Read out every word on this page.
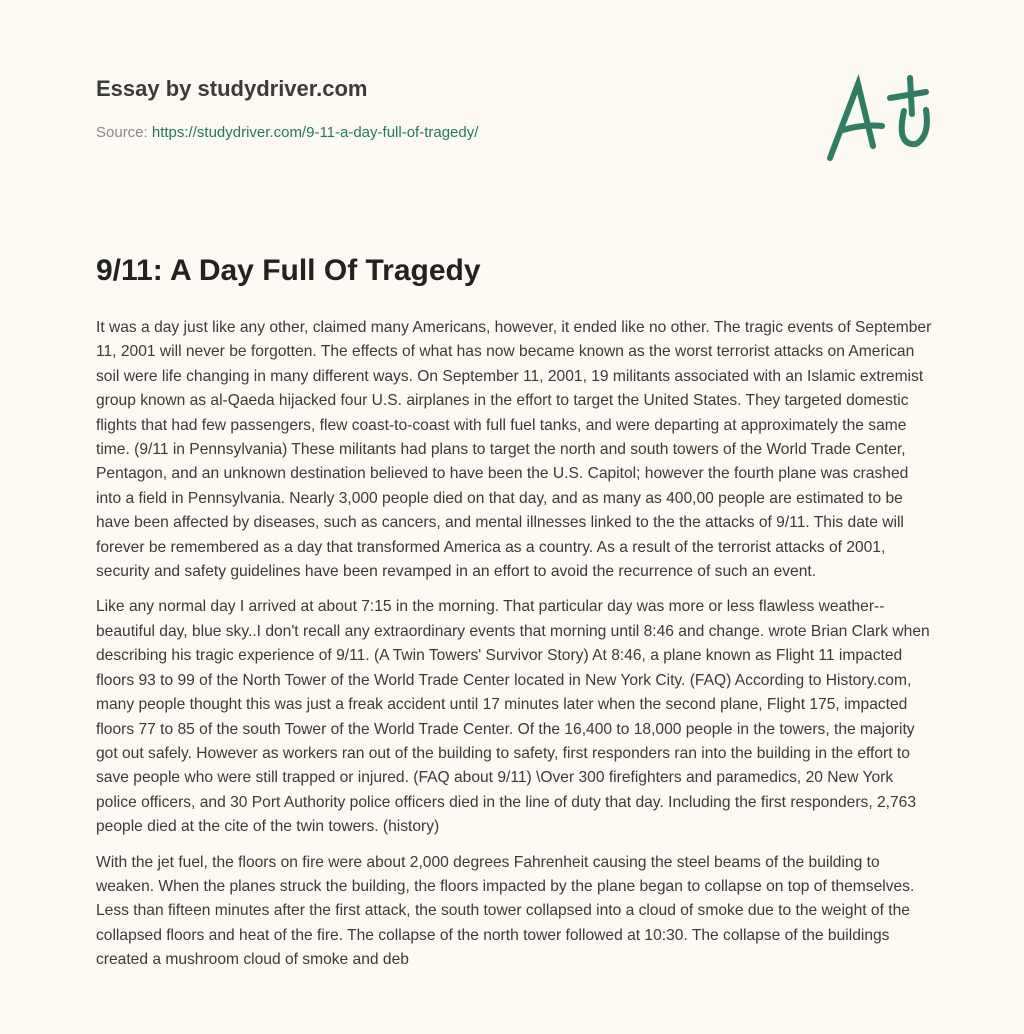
Essay by studydriver.com
Source: https://studydriver.com/9-11-a-day-full-of-tragedy/
9/11: A Day Full Of Tragedy

It was a day just like any other, claimed many Americans, however, it ended like no other. The tragic events of September 11, 2001 will never be forgotten. The effects of what has now became known as the worst terrorist attacks on American soil were life changing in many different ways. On September 11, 2001, 19 militants associated with an Islamic extremist group known as al-Qaeda hijacked four U.S. airplanes in the effort to target the United States. They targeted domestic flights that had few passengers, flew coast-to-coast with full fuel tanks, and were departing at approximately the same time. (9/11 in Pennsylvania) These militants had plans to target the north and south towers of the World Trade Center, Pentagon, and an unknown destination believed to have been the U.S. Capitol; however the fourth plane was crashed into a field in Pennsylvania. Nearly 3,000 people died on that day, and as many as 400,00 people are estimated to be have been affected by diseases, such as cancers, and mental illnesses linked to the the attacks of 9/11. This date will forever be remembered as a day that transformed America as a country. As a result of the terrorist attacks of 2001, security and safety guidelines have been revamped in an effort to avoid the recurrence of such an event.

Like any normal day I arrived at about 7:15 in the morning. That particular day was more or less flawless weather--beautiful day, blue sky..I don't recall any extraordinary events that morning until 8:46 and change. wrote Brian Clark when describing his tragic experience of 9/11. (A Twin Towers' Survivor Story) At 8:46, a plane known as Flight 11 impacted floors 93 to 99 of the North Tower of the World Trade Center located in New York City. (FAQ) According to History.com, many people thought this was just a freak accident until 17 minutes later when the second plane, Flight 175, impacted floors 77 to 85 of the south Tower of the World Trade Center. Of the 16,400 to 18,000 people in the towers, the majority got out safely. However as workers ran out of the building to safety, first responders ran into the building in the effort to save people who were still trapped or injured. (FAQ about 9/11) \Over 300 firefighters and paramedics, 20 New York police officers, and 30 Port Authority police officers died in the line of duty that day. Including the first responders, 2,763 people died at the cite of the twin towers. (history)

With the jet fuel, the floors on fire were about 2,000 degrees Fahrenheit causing the steel beams of the building to weaken. When the planes struck the building, the floors impacted by the plane began to collapse on top of themselves. Less than fifteen minutes after the first attack, the south tower collapsed into a cloud of smoke due to the weight of the collapsed floors and heat of the fire. The collapse of the north tower followed at 10:30. The collapse of the buildings created a mushroom cloud of smoke and deb
